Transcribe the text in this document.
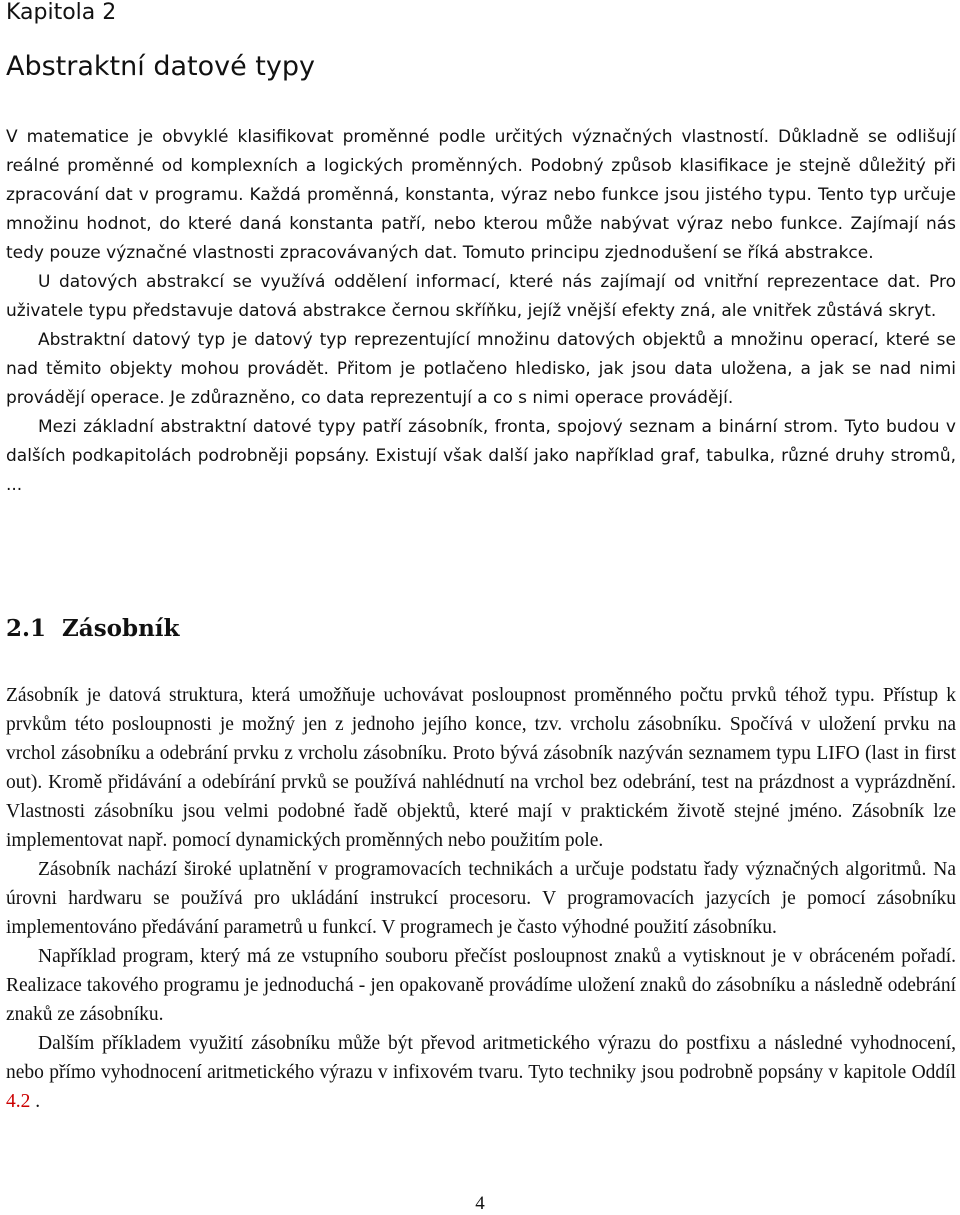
Kapitola 2
Abstraktní datové typy

V matematice je obvyklé klasifikovat proměnné podle určitých význačných vlastností. Důkladně se odlišují reálné proměnné od komplexních a logických proměnných. Podobný způsob klasifikace je stejně důležitý při zpracování dat v programu. Každá proměnná, konstanta, výraz nebo funkce jsou jistého typu. Tento typ určuje množinu hodnot, do které daná konstanta patří, nebo kterou může nabývat výraz nebo funkce. Zajímají nás tedy pouze význačné vlastnosti zpracovávaných dat. Tomuto principu zjednodušení se říká abstrakce.

U datových abstrakcí se využívá oddělení informací, které nás zajímají od vnitřní reprezentace dat. Pro uživatele typu představuje datová abstrakce černou skříňku, jejíž vnější efekty zná, ale vnitřek zůstává skryt.

Abstraktní datový typ je datový typ reprezentující množinu datových objektů a množinu operací, které se nad těmito objekty mohou provádět. Přitom je potlačeno hledisko, jak jsou data uložena, a jak se nad nimi provádějí operace. Je zdůrazněno, co data reprezentují a co s nimi operace provádějí.

Mezi základní abstraktní datové typy patří zásobník, fronta, spojový seznam a binární strom. Tyto budou v dalších podkapitolách podrobněji popsány. Existují však další jako například graf, tabulka, různé druhy stromů, ...

2.1 Zásobník

Zásobník je datová struktura, která umožňuje uchovávat posloupnost proměnného počtu prvků téhož typu. Přístup k prvkům této posloupnosti je možný jen z jednoho jejího konce, tzv. vrcholu zásobníku. Spočívá v uložení prvku na vrchol zásobníku a odebrání prvku z vrcholu zásobníku. Proto bývá zásobník nazýván seznamem typu LIFO (last in first out). Kromě přidávání a odebírání prvků se používá nahlédnutí na vrchol bez odebrání, test na prázdnost a vyprázdnění. Vlastnosti zásobníku jsou velmi podobné řadě objektů, které mají v praktickém životě stejné jméno. Zásobník lze implementovat např. pomocí dynamických proměnných nebo použitím pole.

Zásobník nachází široké uplatnění v programovacích technikách a určuje podstatu řady význačných algoritmů. Na úrovni hardwaru se používá pro ukládání instrukcí procesoru. V programovacích jazycích je pomocí zásobníku implementováno předávání parametrů u funkcí. V programech je často výhodné použití zásobníku.

Například program, který má ze vstupního souboru přečíst posloupnost znaků a vytisknout je v obráceném pořadí. Realizace takového programu je jednoduchá - jen opakovaně provádíme uložení znaků do zásobníku a následně odebrání znaků ze zásobníku.

Dalším příkladem využití zásobníku může být převod aritmetického výrazu do postfixu a následné vyhodnocení, nebo přímo vyhodnocení aritmetického výrazu v infixovém tvaru. Tyto techniky jsou podrobně popsány v kapitole Oddíl 4.2 .

4
